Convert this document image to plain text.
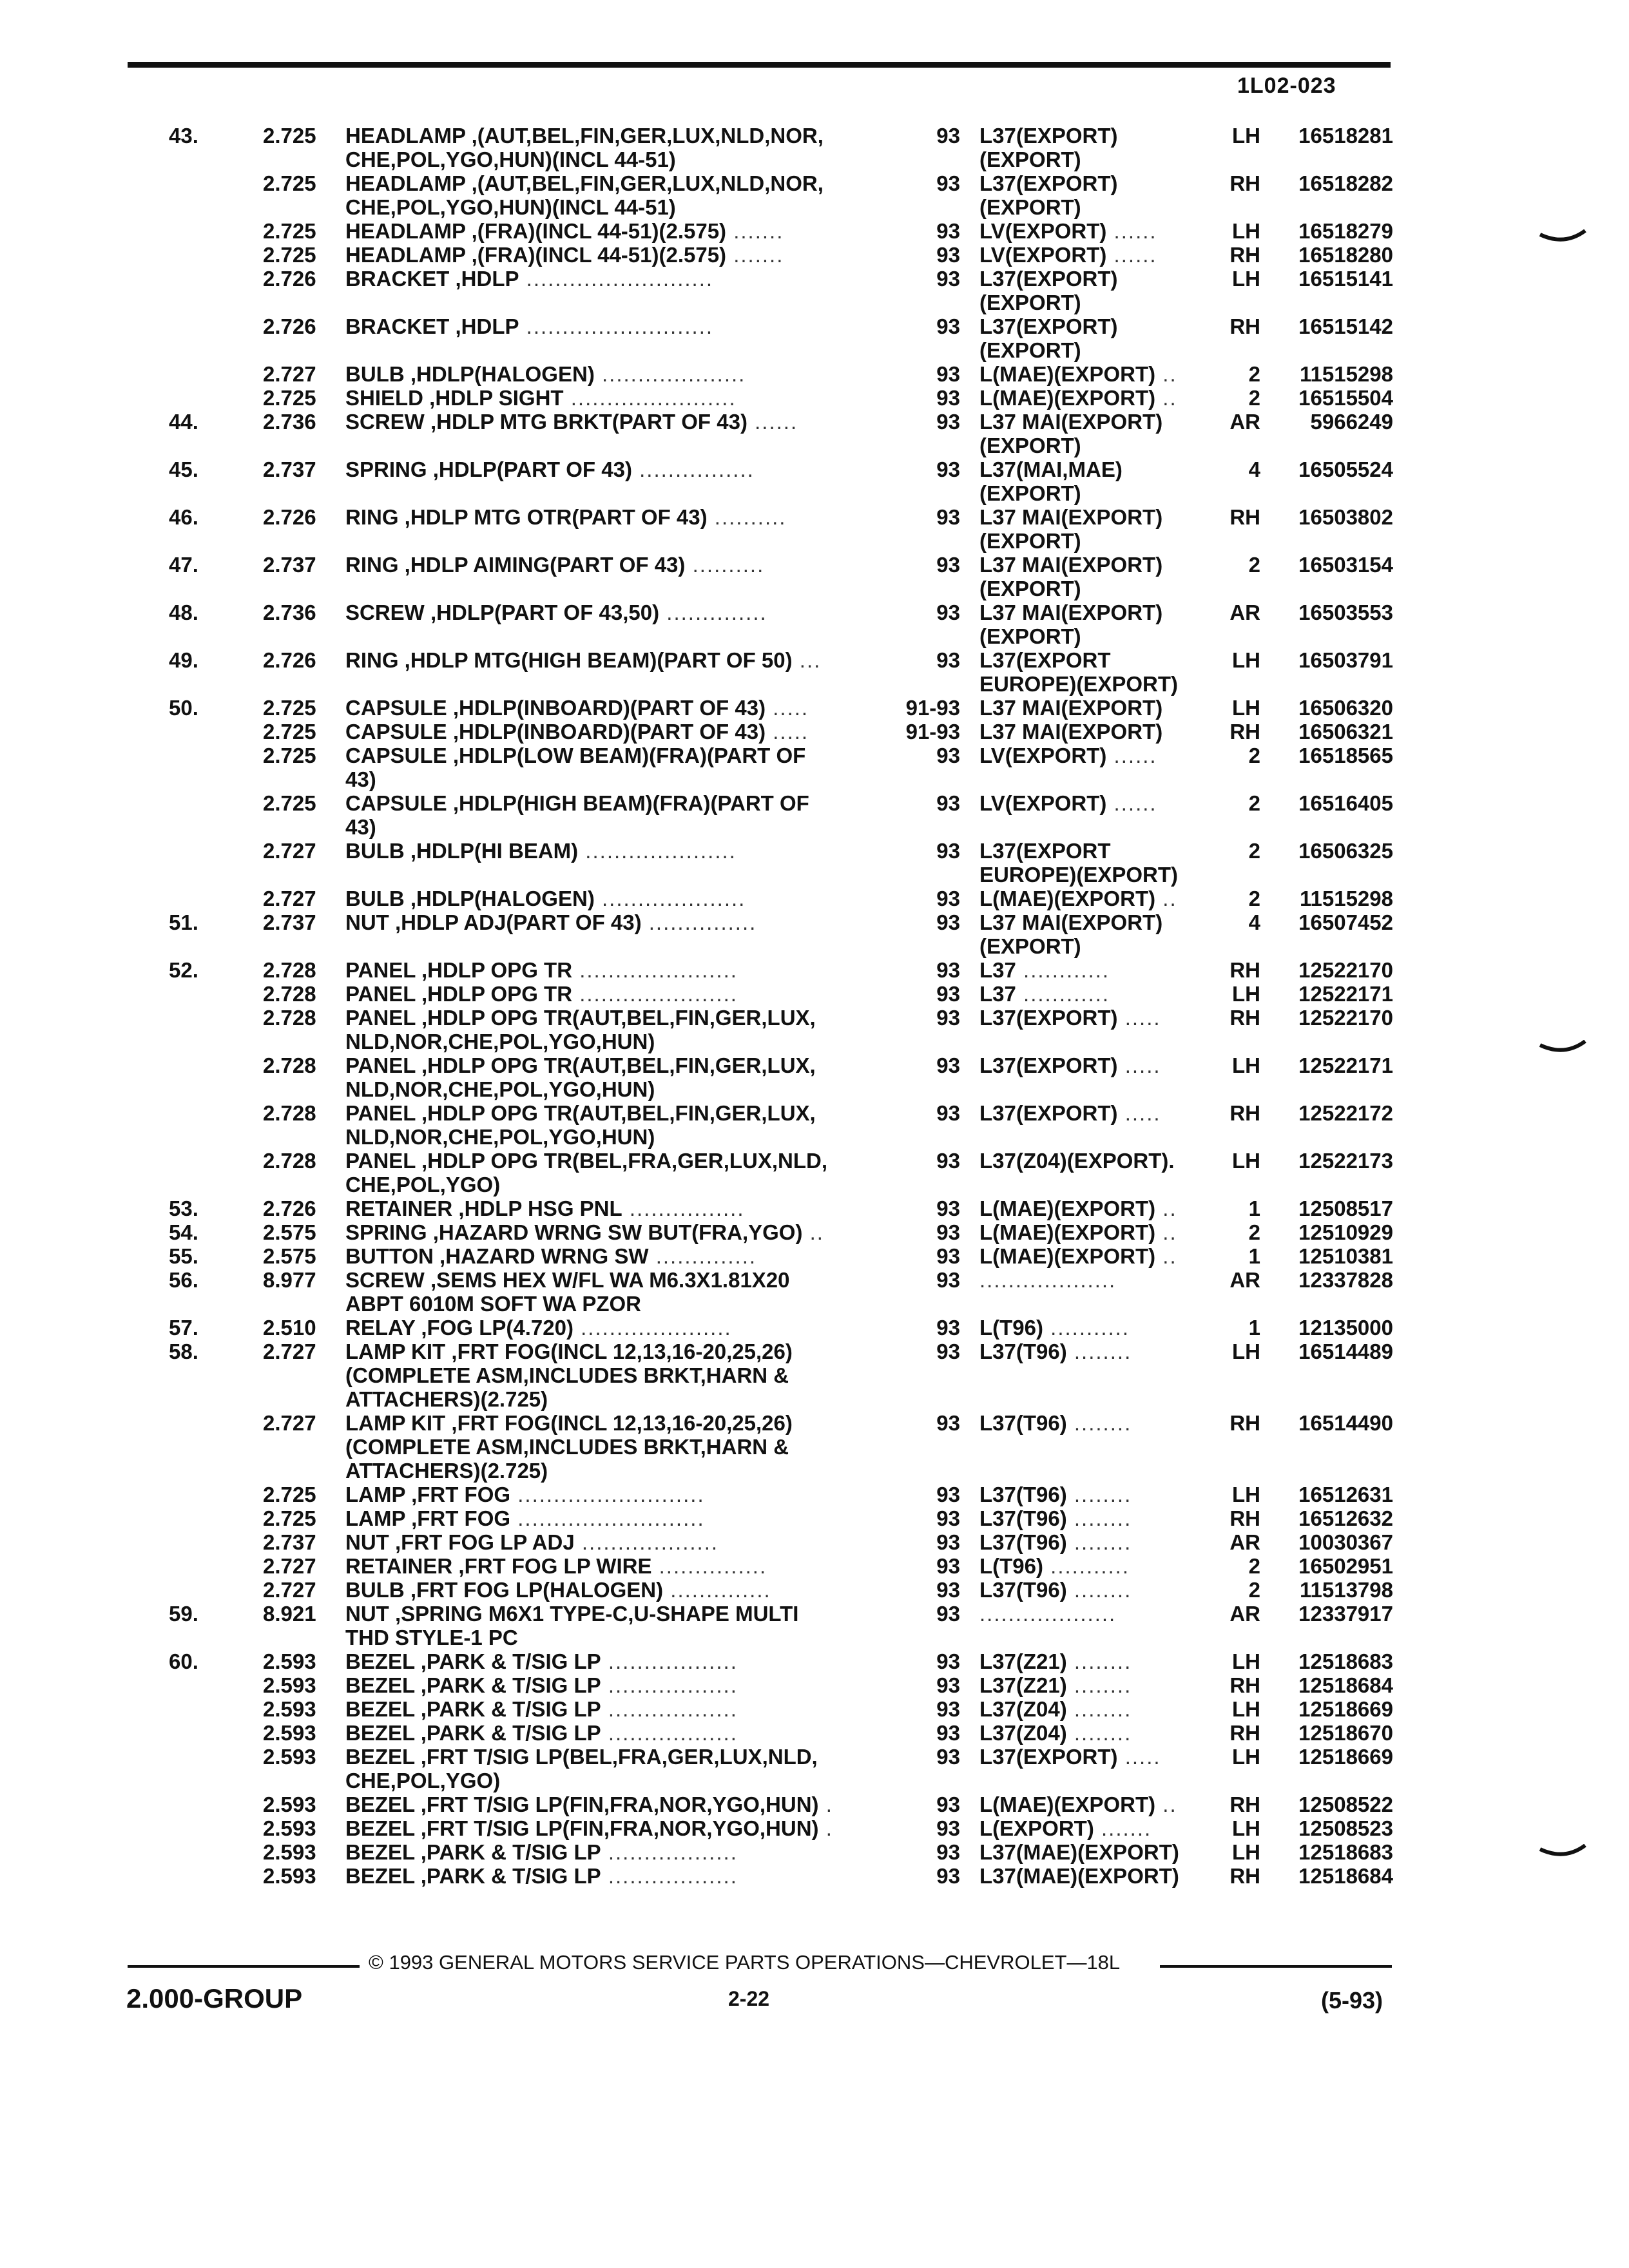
1L02-023
43.	2.725 HEADLAMP ,(AUT,BEL,FIN,GER,LUX,NLD,NOR,	93 L37(EXPORT)	LH	16518281
CHE,POL,YGO,HUN)(INCL 44-51)	(EXPORT)
2.725 HEADLAMP ,(AUT,BEL,FIN,GER,LUX,NLD,NOR,	93 L37(EXPORT)	RH	16518282
CHE,POL,YGO,HUN)(INCL 44-51)	(EXPORT)
2.725 HEADLAMP ,(FRA)(INCL 44-51)(2.575) .......	93 LV(EXPORT) ......	LH	16518279
2.725 HEADLAMP ,(FRA)(INCL 44-51)(2.575) .......	93 LV(EXPORT) ......	RH	16518280
2.726 BRACKET ,HDLP ..........................	93 L37(EXPORT)	LH	16515141
(EXPORT)
2.726 BRACKET ,HDLP ..........................	93 L37(EXPORT)	RH	16515142
(EXPORT)
2.727 BULB ,HDLP(HALOGEN) ....................	93 L(MAE)(EXPORT) ..	2	11515298
2.725 SHIELD ,HDLP SIGHT .......................	93 L(MAE)(EXPORT) ..	2	16515504
44.	2.736 SCREW ,HDLP MTG BRKT(PART OF 43) ......	93 L37 MAI(EXPORT)	AR	5966249
(EXPORT)
45.	2.737 SPRING ,HDLP(PART OF 43) ................	93 L37(MAI,MAE)	4	16505524
(EXPORT)
46.	2.726 RING ,HDLP MTG OTR(PART OF 43) ..........	93 L37 MAI(EXPORT)	RH	16503802
(EXPORT)
47.	2.737 RING ,HDLP AIMING(PART OF 43) ..........	93 L37 MAI(EXPORT)	2	16503154
(EXPORT)
48.	2.736 SCREW ,HDLP(PART OF 43,50) ..............	93 L37 MAI(EXPORT)	AR	16503553
(EXPORT)
49.	2.726 RING ,HDLP MTG(HIGH BEAM)(PART OF 50) ...	93 L37(EXPORT	LH	16503791
EUROPE)(EXPORT)
50.	2.725 CAPSULE ,HDLP(INBOARD)(PART OF 43) .....	91-93 L37 MAI(EXPORT)	LH	16506320
2.725 CAPSULE ,HDLP(INBOARD)(PART OF 43) .....	91-93 L37 MAI(EXPORT)	RH	16506321
2.725 CAPSULE ,HDLP(LOW BEAM)(FRA)(PART OF	93 LV(EXPORT) ......	2	16518565
43)
2.725 CAPSULE ,HDLP(HIGH BEAM)(FRA)(PART OF	93 LV(EXPORT) ......	2	16516405
43)
2.727 BULB ,HDLP(HI BEAM) .....................	93 L37(EXPORT	2	16506325
EUROPE)(EXPORT)
2.727 BULB ,HDLP(HALOGEN) ....................	93 L(MAE)(EXPORT) ..	2	11515298
51.	2.737 NUT ,HDLP ADJ(PART OF 43) ...............	93 L37 MAI(EXPORT)	4	16507452
(EXPORT)
52.	2.728 PANEL ,HDLP OPG TR ......................	93 L37 ............	RH	12522170
2.728 PANEL ,HDLP OPG TR ......................	93 L37 ............	LH	12522171
2.728 PANEL ,HDLP OPG TR(AUT,BEL,FIN,GER,LUX,	93 L37(EXPORT) .....	RH	12522170
NLD,NOR,CHE,POL,YGO,HUN)
2.728 PANEL ,HDLP OPG TR(AUT,BEL,FIN,GER,LUX,	93 L37(EXPORT) .....	LH	12522171
NLD,NOR,CHE,POL,YGO,HUN)
2.728 PANEL ,HDLP OPG TR(AUT,BEL,FIN,GER,LUX,	93 L37(EXPORT) .....	RH	12522172
NLD,NOR,CHE,POL,YGO,HUN)
2.728 PANEL ,HDLP OPG TR(BEL,FRA,GER,LUX,NLD,	93 L37(Z04)(EXPORT).	LH	12522173
CHE,POL,YGO)
53.	2.726 RETAINER ,HDLP HSG PNL ................	93 L(MAE)(EXPORT) ..	1	12508517
54.	2.575 SPRING ,HAZARD WRNG SW BUT(FRA,YGO) ..	93 L(MAE)(EXPORT) ..	2	12510929
55.	2.575 BUTTON ,HAZARD WRNG SW ..............	93 L(MAE)(EXPORT) ..	1	12510381
56.	8.977 SCREW ,SEMS HEX W/FL WA M6.3X1.81X20	93 ...................	AR	12337828
ABPT 6010M SOFT WA PZOR
57.	2.510 RELAY ,FOG LP(4.720) .....................	93 L(T96) ...........	1	12135000
58.	2.727 LAMP KIT ,FRT FOG(INCL 12,13,16-20,25,26)	93 L37(T96) ........	LH	16514489
(COMPLETE ASM,INCLUDES BRKT,HARN &
ATTACHERS)(2.725)
2.727 LAMP KIT ,FRT FOG(INCL 12,13,16-20,25,26)	93 L37(T96) ........	RH	16514490
(COMPLETE ASM,INCLUDES BRKT,HARN &
ATTACHERS)(2.725)
2.725 LAMP ,FRT FOG ..........................	93 L37(T96) ........	LH	16512631
2.725 LAMP ,FRT FOG ..........................	93 L37(T96) ........	RH	16512632
2.737 NUT ,FRT FOG LP ADJ ...................	93 L37(T96) ........	AR	10030367
2.727 RETAINER ,FRT FOG LP WIRE ...............	93 L(T96) ...........	2	16502951
2.727 BULB ,FRT FOG LP(HALOGEN) ..............	93 L37(T96) ........	2	11513798
59.	8.921 NUT ,SPRING M6X1 TYPE-C,U-SHAPE MULTI	93 ...................	AR	12337917
THD STYLE-1 PC
60.	2.593 BEZEL ,PARK & T/SIG LP ..................	93 L37(Z21) ........	LH	12518683
2.593 BEZEL ,PARK & T/SIG LP ..................	93 L37(Z21) ........	RH	12518684
2.593 BEZEL ,PARK & T/SIG LP ..................	93 L37(Z04) ........	LH	12518669
2.593 BEZEL ,PARK & T/SIG LP ..................	93 L37(Z04) ........	RH	12518670
2.593 BEZEL ,FRT T/SIG LP(BEL,FRA,GER,LUX,NLD,	93 L37(EXPORT) .....	LH	12518669
CHE,POL,YGO)
2.593 BEZEL ,FRT T/SIG LP(FIN,FRA,NOR,YGO,HUN) .	93 L(MAE)(EXPORT) ..	RH	12508522
2.593 BEZEL ,FRT T/SIG LP(FIN,FRA,NOR,YGO,HUN) .	93 L(EXPORT) .......	LH	12508523
2.593 BEZEL ,PARK & T/SIG LP ..................	93 L37(MAE)(EXPORT)	LH	12518683
2.593 BEZEL ,PARK & T/SIG LP ..................	93 L37(MAE)(EXPORT)	RH	12518684
© 1993 GENERAL MOTORS SERVICE PARTS OPERATIONS—CHEVROLET—18L
2.000-GROUP	2-22	(5-93)
